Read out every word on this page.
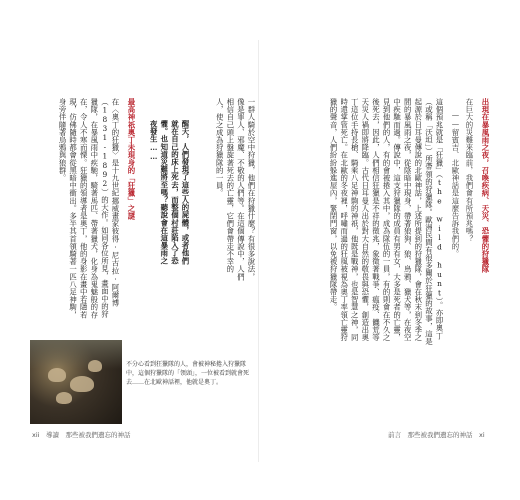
一群人騎於空中狩獵，他們在狩獵什麼？有很多說法，像是罪人、邪魔、不敬的人們等。在這個傳說中，人們相信自己頭上盤旋著死去的亡靈，它們會帶走不幸的人，使之成為狩獵隊的一員。
醒天，人們發現了這些人的屍體，或者他們就在自己的床上死去，而整個村莊陷入了恐懼。也知道災難將至嗎？聽說會在這暴雨之夜發生……
最高神祇奧丁未現身的「狂獵」之謎
在〈奧丁的狂獵〉是十九世紀挪威畫家彼得·尼古拉·阿爾博（1831-1892）的大作。如同各位所見，畫面中的狩獵隊，在暴風雨中疾馳，騎著馬匹、帶著獵犬，化身為鬼魅般的存在，令人不寒而慄。狂獵的領導者是奧丁，他的身影在畫中若隱若現，仿佛隨時都會從黑暗中衝出。多半其首領騎著一匹八足神駒，身旁伴隨著烏鴉與狼群。
不分心看到狂獵隊的人，會被神秘捲入狩獵隊中，這個狩獵隊的「領頭」，一位被看到就會死去……在北歐神話裡，他就是奧丁。
出現在暴風雨之夜，召喚疾病、天災、恐懼的狩獵隊
在巨大的災難來臨前，我們會有所預兆嗎？
——留賓吉、北歐神話是這麼告訴我們的。
這個預兆就是「狂獵」（the wild hunt）。亦即奧丁（或稱「沃坦」）所帶領的狩獵隊。歐洲民間有很多關於狂獵的故事，這是起源於日耳曼傳說的北歐神話，上述所提到的狩獵隊，會在秋末到冬季之間的暴風雨之夜，從陰暗中現身，帶著狼狗、狼、鳥鴉、獵犬等，在夜空中疾馳而過。傳說中，這支狩獵隊的成員有男有女，大多是死者的亡靈，見到他們的人，有的會被捲入其中，成為隊伍的一員，有的則會在不久之後死去，因此，人們相信狂獵是不祥的徵兆，象徵著戰爭、瘟疫、饑荒等天災人禍即將降臨。古代日耳曼人出於對大自然的敬畏與恐懼，創造出奧丁這位手持長槍、騎乘八足神駒的神祇，他既是戰神，也是智慧之神，同時還掌管死亡。在北歐的冬夜裡，呼嘯而過的狂風被視為奧丁率領亡靈狩獵的聲音，人們紛紛躲進屋內，緊閉門窗，以免被狩獵隊帶走。
xii　導讀　那些被我們遺忘的神話	前言　那些被我們遺忘的神話　xi
